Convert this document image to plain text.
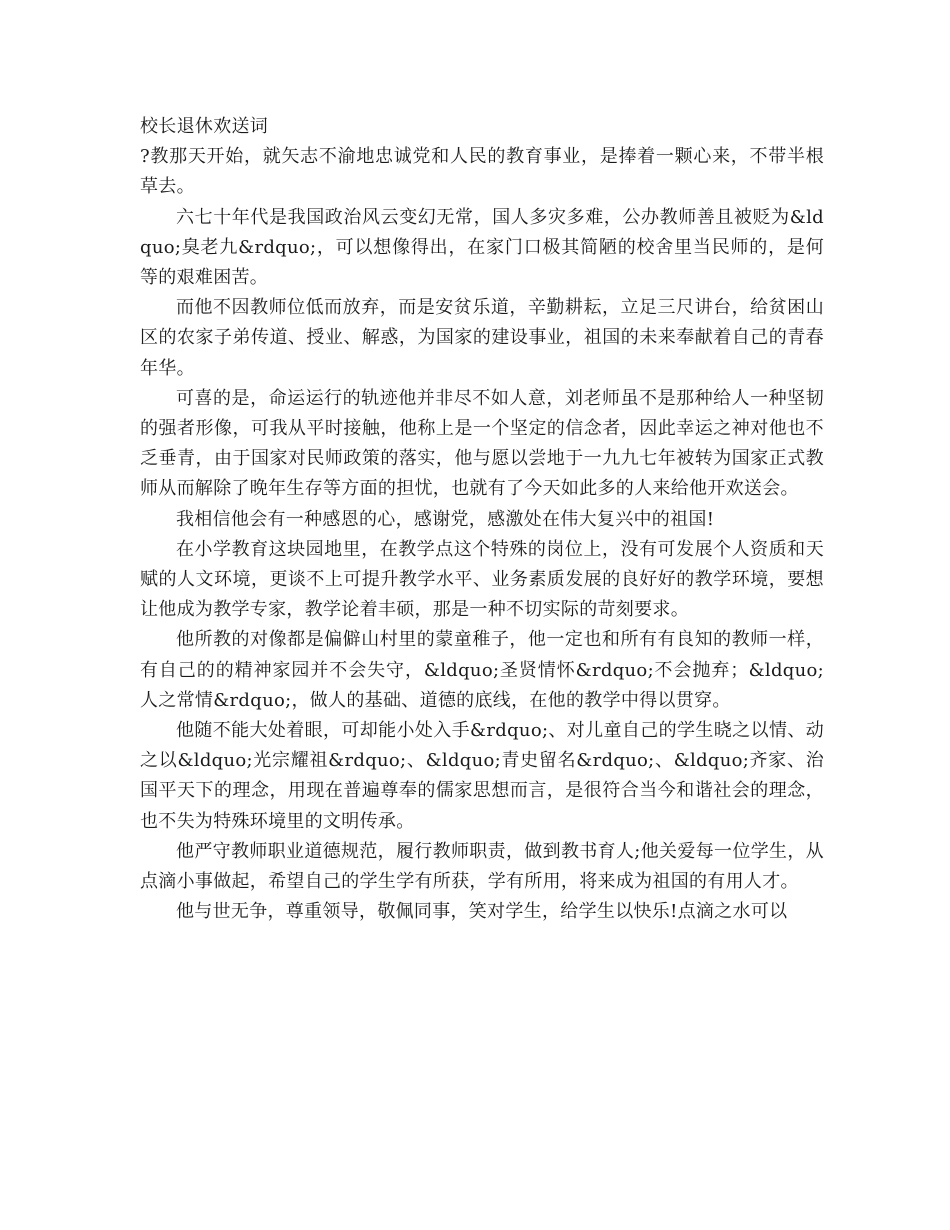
校长退休欢送词

?教那天开始，就矢志不渝地忠诚党和人民的教育事业，是捧着一颗心来，不带半根草去。

六七十年代是我国政治风云变幻无常，国人多灾多难，公办教师善且被贬为&ldquo;臭老九&rdquo;，可以想像得出，在家门口极其简陋的校舍里当民师的，是何等的艰难困苦。

而他不因教师位低而放弃，而是安贫乐道，辛勤耕耘，立足三尺讲台，给贫困山区的农家子弟传道、授业、解惑，为国家的建设事业，祖国的未来奉献着自己的青春年华。

可喜的是，命运运行的轨迹他并非尽不如人意，刘老师虽不是那种给人一种坚韧的强者形像，可我从平时接触，他称上是一个坚定的信念者，因此幸运之神对他也不乏垂青，由于国家对民师政策的落实，他与愿以尝地于一九九七年被转为国家正式教师从而解除了晚年生存等方面的担忧，也就有了今天如此多的人来给他开欢送会。

我相信他会有一种感恩的心，感谢党，感激处在伟大复兴中的祖国!

在小学教育这块园地里，在教学点这个特殊的岗位上，没有可发展个人资质和天赋的人文环境，更谈不上可提升教学水平、业务素质发展的良好好的教学环境，要想让他成为教学专家，教学论着丰硕，那是一种不切实际的苛刻要求。

他所教的对像都是偏僻山村里的蒙童稚子，他一定也和所有有良知的教师一样，有自己的的精神家园并不会失守，&ldquo;圣贤情怀&rdquo;不会抛弃；&ldquo;人之常情&rdquo;，做人的基础、道德的底线，在他的教学中得以贯穿。

他随不能大处着眼，可却能小处入手&rdquo;、对儿童自己的学生晓之以情、动之以&ldquo;光宗耀祖&rdquo;、&ldquo;青史留名&rdquo;、&ldquo;齐家、治国平天下的理念，用现在普遍尊奉的儒家思想而言，是很符合当今和谐社会的理念，也不失为特殊环境里的文明传承。

他严守教师职业道德规范，履行教师职责，做到教书育人;他关爱每一位学生，从点滴小事做起，希望自己的学生学有所获，学有所用，将来成为祖国的有用人才。

他与世无争，尊重领导，敬佩同事，笑对学生，给学生以快乐!点滴之水可以
